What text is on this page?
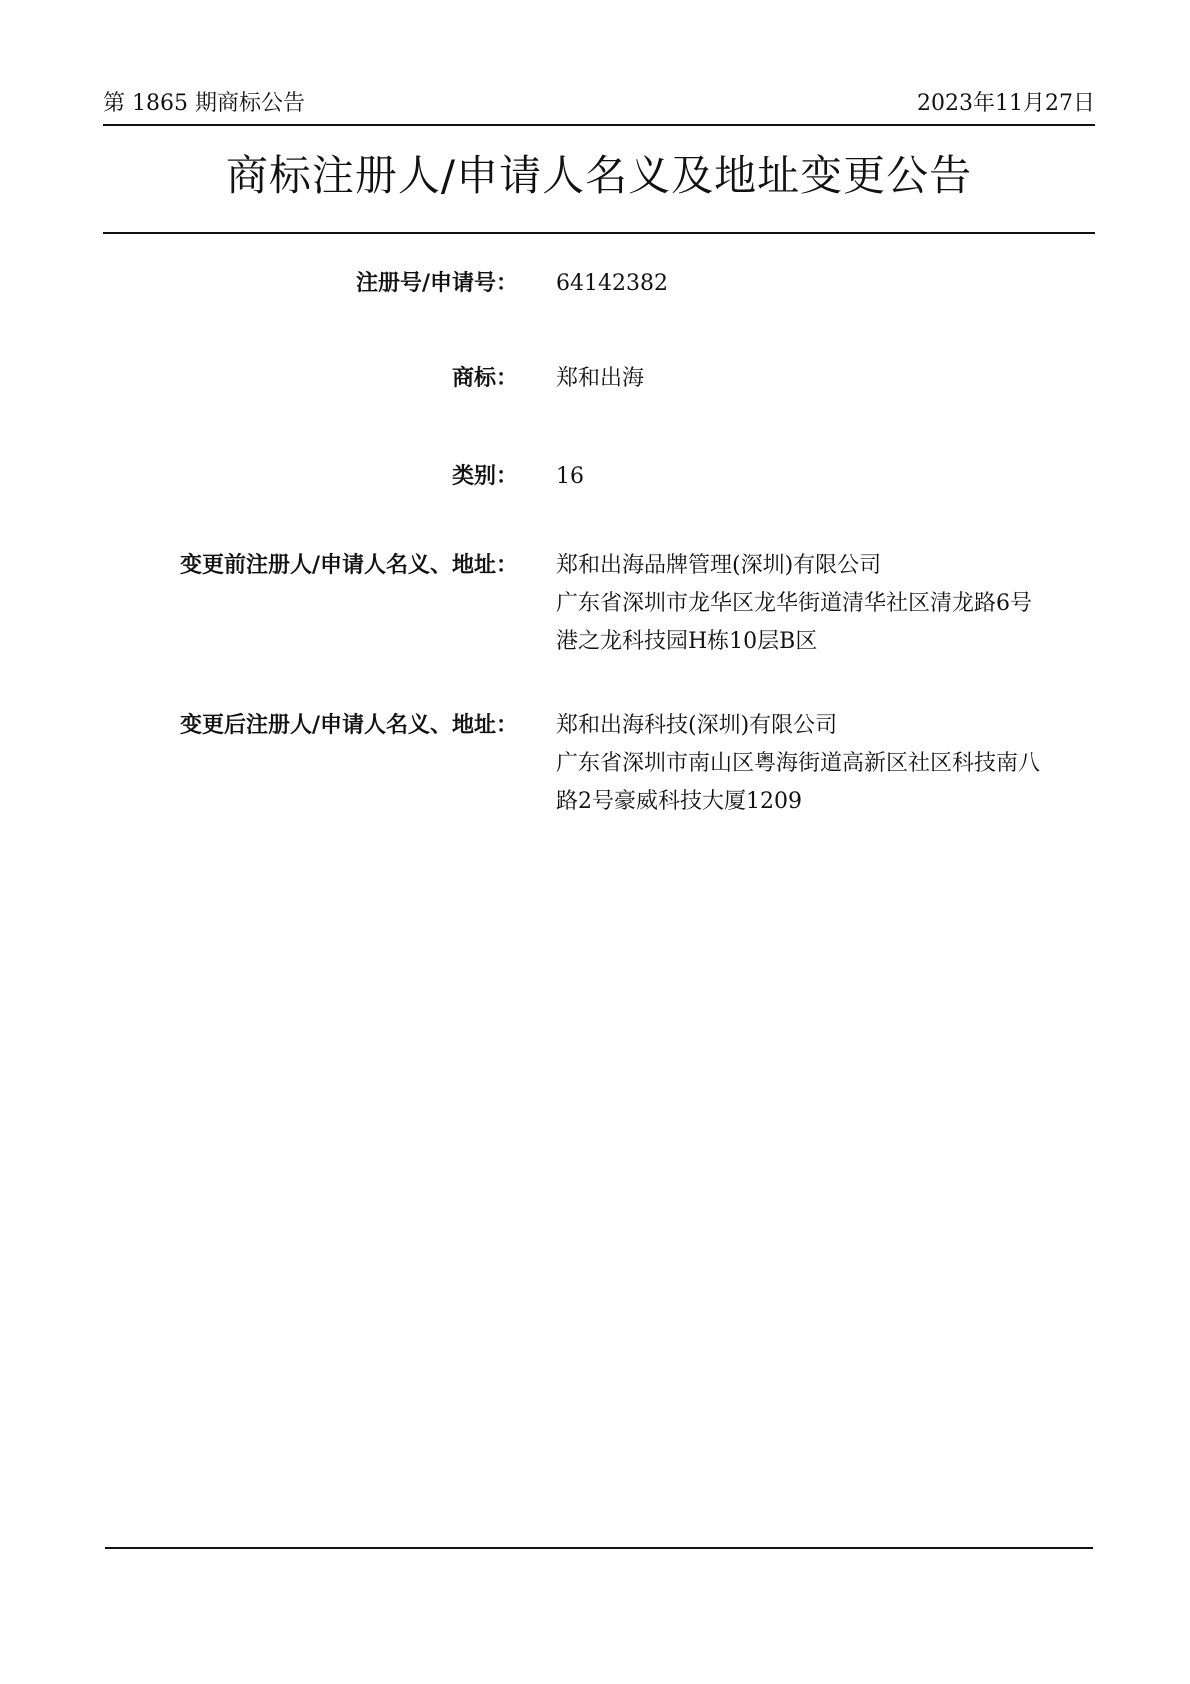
第 1865 期商标公告	2023年11月27日
商标注册人/申请人名义及地址变更公告
注册号/申请号： 64142382
商标： 郑和出海
类别： 16
变更前注册人/申请人名义、地址： 郑和出海品牌管理(深圳)有限公司
广东省深圳市龙华区龙华街道清华社区清龙路6号
港之龙科技园H栋10层B区
变更后注册人/申请人名义、地址： 郑和出海科技(深圳)有限公司
广东省深圳市南山区粤海街道高新区社区科技南八
路2号豪威科技大厦1209
